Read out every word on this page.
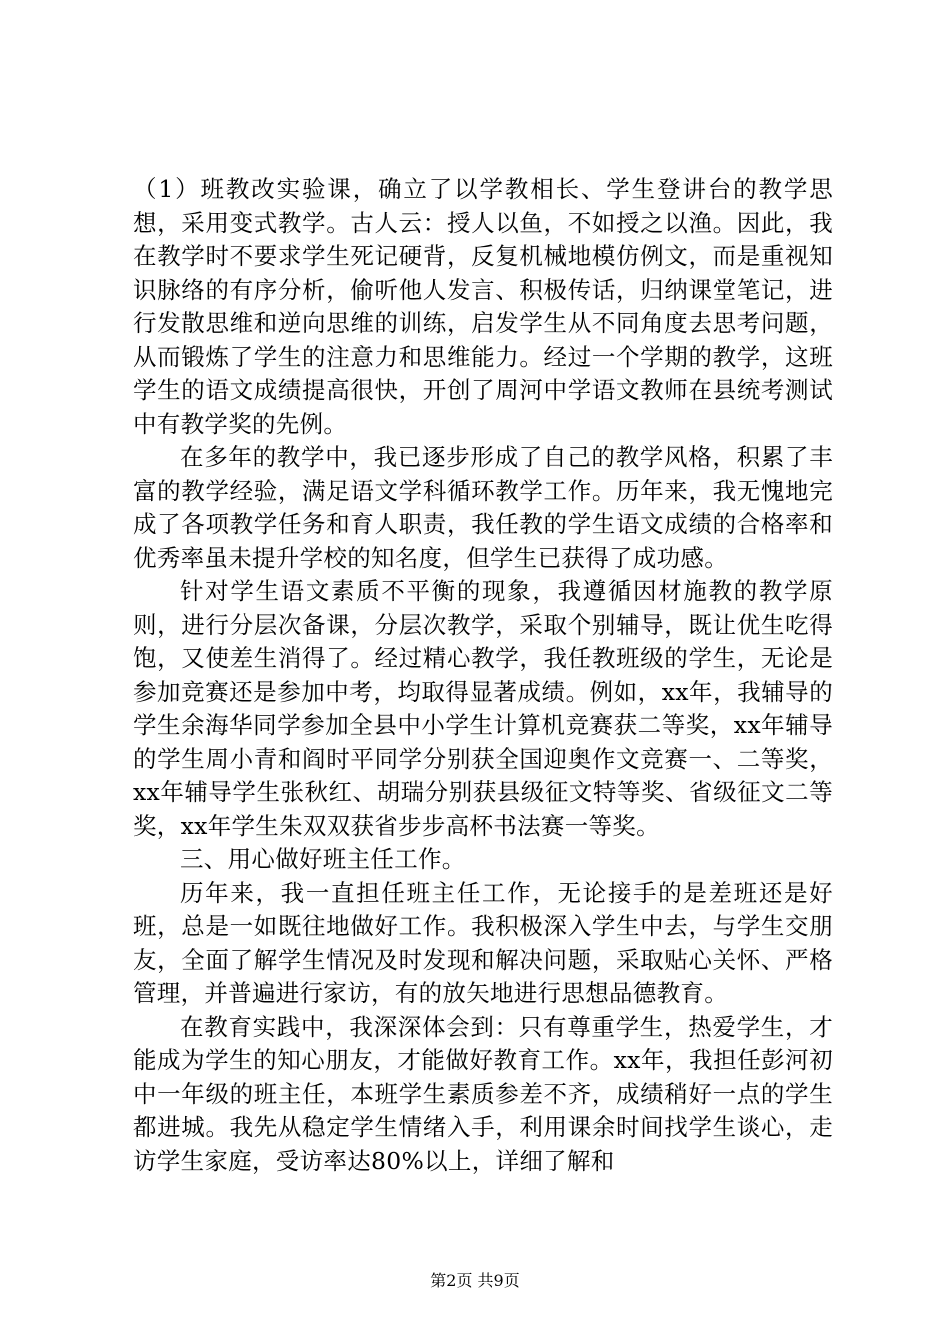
（1）班教改实验课，确立了以学教相长、学生登讲台的教学思想，采用变式教学。古人云：授人以鱼，不如授之以渔。因此，我在教学时不要求学生死记硬背，反复机械地模仿例文，而是重视知识脉络的有序分析，偷听他人发言、积极传话，归纳课堂笔记，进行发散思维和逆向思维的训练，启发学生从不同角度去思考问题，从而锻炼了学生的注意力和思维能力。经过一个学期的教学，这班学生的语文成绩提高很快，开创了周河中学语文教师在县统考测试中有教学奖的先例。

在多年的教学中，我已逐步形成了自己的教学风格，积累了丰富的教学经验，满足语文学科循环教学工作。历年来，我无愧地完成了各项教学任务和育人职责，我任教的学生语文成绩的合格率和优秀率虽未提升学校的知名度，但学生已获得了成功感。

针对学生语文素质不平衡的现象，我遵循因材施教的教学原则，进行分层次备课，分层次教学，采取个别辅导，既让优生吃得饱，又使差生消得了。经过精心教学，我任教班级的学生，无论是参加竞赛还是参加中考，均取得显著成绩。例如，xx年，我辅导的学生余海华同学参加全县中小学生计算机竞赛获二等奖，xx年辅导的学生周小青和阎时平同学分别获全国迎奥作文竞赛一、二等奖，xx年辅导学生张秋红、胡瑞分别获县级征文特等奖、省级征文二等奖，xx年学生朱双双获省步步高杯书法赛一等奖。

三、用心做好班主任工作。

历年来，我一直担任班主任工作，无论接手的是差班还是好班，总是一如既往地做好工作。我积极深入学生中去，与学生交朋友，全面了解学生情况及时发现和解决问题，采取贴心关怀、严格管理，并普遍进行家访，有的放矢地进行思想品德教育。

在教育实践中，我深深体会到：只有尊重学生，热爱学生，才能成为学生的知心朋友，才能做好教育工作。xx年，我担任彭河初中一年级的班主任，本班学生素质参差不齐，成绩稍好一点的学生都进城。我先从稳定学生情绪入手，利用课余时间找学生谈心，走访学生家庭，受访率达80%以上，详细了解和

第2页 共9页
